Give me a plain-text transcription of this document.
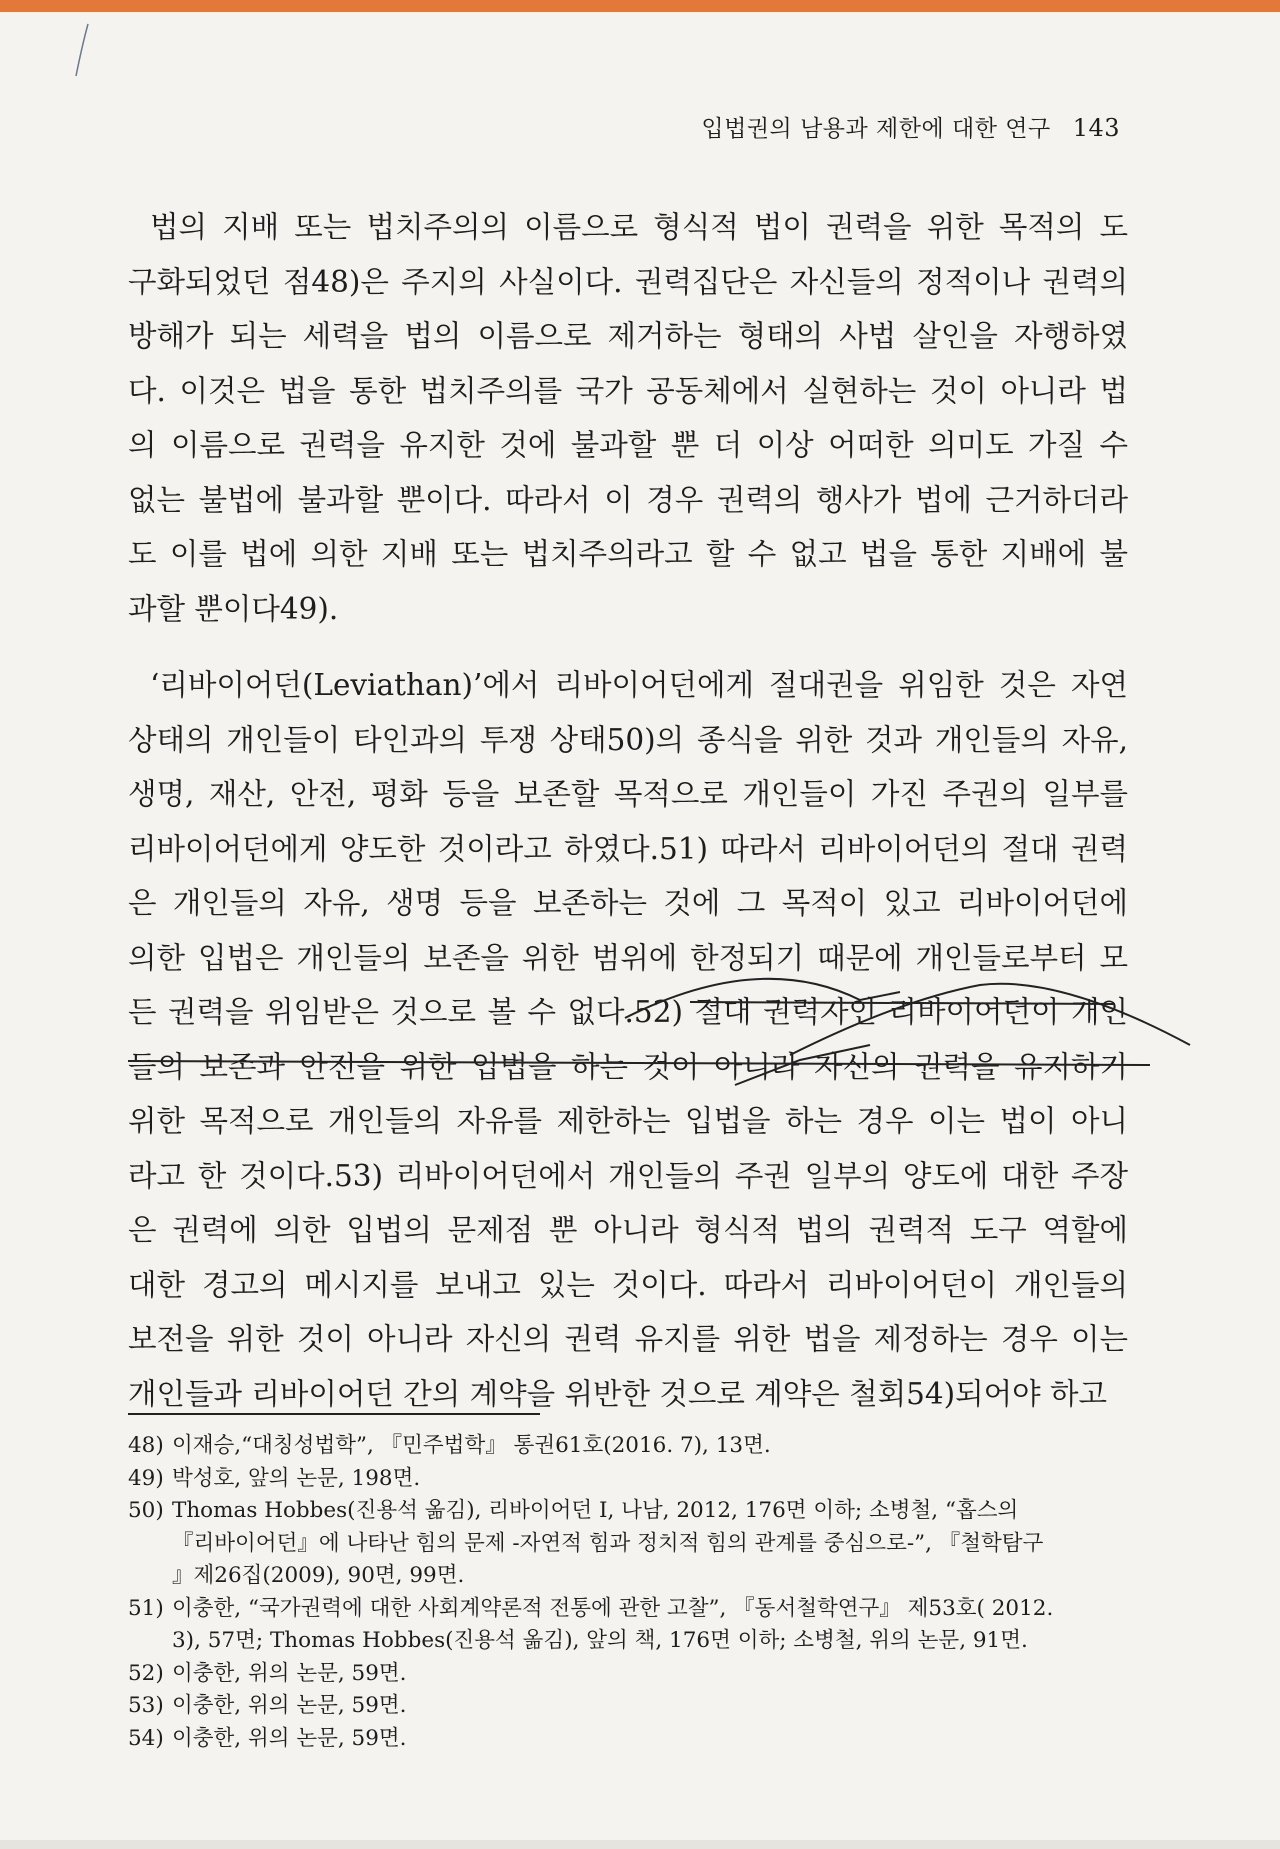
입법권의 남용과 제한에 대한 연구 143
법의 지배 또는 법치주의의 이름으로 형식적 법이 권력을 위한 목적의 도
구화되었던 점48)은 주지의 사실이다. 권력집단은 자신들의 정적이나 권력의
방해가 되는 세력을 법의 이름으로 제거하는 형태의 사법 살인을 자행하였
다. 이것은 법을 통한 법치주의를 국가 공동체에서 실현하는 것이 아니라 법
의 이름으로 권력을 유지한 것에 불과할 뿐 더 이상 어떠한 의미도 가질 수
없는 불법에 불과할 뿐이다. 따라서 이 경우 권력의 행사가 법에 근거하더라
도 이를 법에 의한 지배 또는 법치주의라고 할 수 없고 법을 통한 지배에 불
과할 뿐이다49).
‘리바이어던(Leviathan)’에서 리바이어던에게 절대권을 위임한 것은 자연
상태의 개인들이 타인과의 투쟁 상태50)의 종식을 위한 것과 개인들의 자유,
생명, 재산, 안전, 평화 등을 보존할 목적으로 개인들이 가진 주권의 일부를
리바이어던에게 양도한 것이라고 하였다.51) 따라서 리바이어던의 절대 권력
은 개인들의 자유, 생명 등을 보존하는 것에 그 목적이 있고 리바이어던에
의한 입법은 개인들의 보존을 위한 범위에 한정되기 때문에 개인들로부터 모
든 권력을 위임받은 것으로 볼 수 없다.52) 절대 권력자인 리바이어던이 개인
들의 보존과 안전을 위한 입법을 하는 것이 아니라 자신의 권력을 유지하기
위한 목적으로 개인들의 자유를 제한하는 입법을 하는 경우 이는 법이 아니
라고 한 것이다.53) 리바이어던에서 개인들의 주권 일부의 양도에 대한 주장
은 권력에 의한 입법의 문제점 뿐 아니라 형식적 법의 권력적 도구 역할에
대한 경고의 메시지를 보내고 있는 것이다. 따라서 리바이어던이 개인들의
보전을 위한 것이 아니라 자신의 권력 유지를 위한 법을 제정하는 경우 이는
개인들과 리바이어던 간의 계약을 위반한 것으로 계약은 철회54)되어야 하고
48) 이재승,“대칭성법학”, 『민주법학』 통권61호(2016. 7), 13면.
49) 박성호, 앞의 논문, 198면.
50) Thomas Hobbes(진용석 옮김), 리바이어던 I, 나남, 2012, 176면 이하; 소병철, “홉스의
『리바이어던』에 나타난 힘의 문제 -자연적 힘과 정치적 힘의 관계를 중심으로-”, 『철학탐구
』제26집(2009), 90면, 99면.
51) 이충한, “국가권력에 대한 사회계약론적 전통에 관한 고찰”, 『동서철학연구』 제53호( 2012.
3), 57면; Thomas Hobbes(진용석 옮김), 앞의 책, 176면 이하; 소병철, 위의 논문, 91면.
52) 이충한, 위의 논문, 59면.
53) 이충한, 위의 논문, 59면.
54) 이충한, 위의 논문, 59면.
